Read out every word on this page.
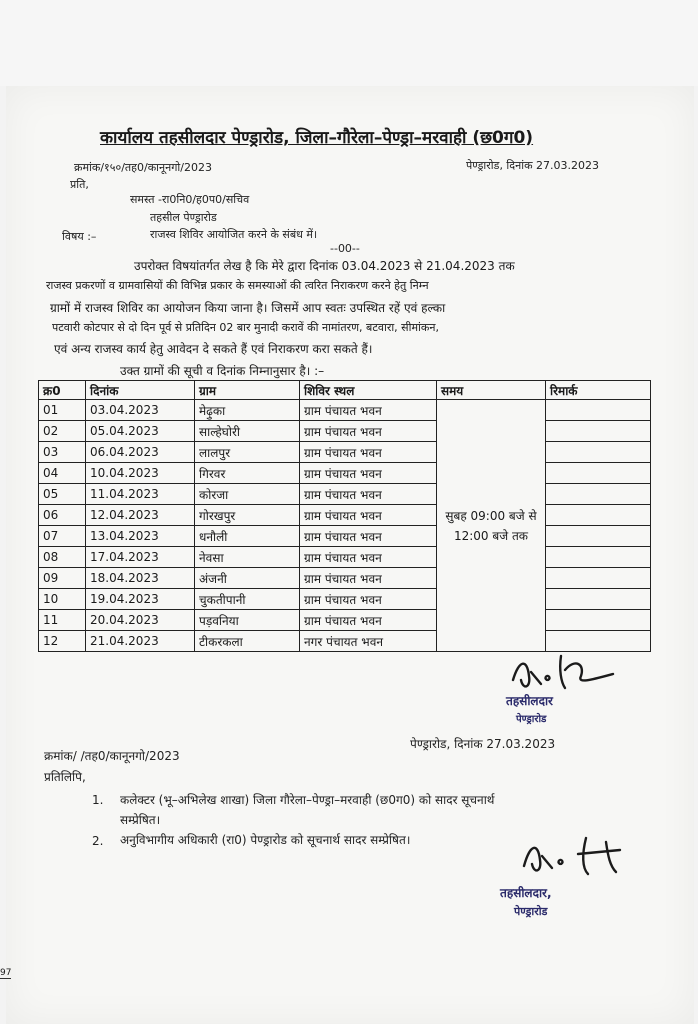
कार्यालय तहसीलदार पेण्ड्रारोड, जिला–गौरेला–पेण्ड्रा–मरवाही (छ0ग0)
क्रमांक/१५०/तह0/कानूनगो/2023	पेण्ड्रारोड, दिनांक 27.03.2023
प्रति,
समस्त -रा0नि0/ह0प0/सचिव
तहसील पेण्ड्रारोड
विषय :–	राजस्व शिविर आयोजित करने के संबंध में।
--00--
उपरोक्त विषयांतर्गत लेख है कि मेरे द्वारा दिनांक 03.04.2023 से 21.04.2023 तक
राजस्व प्रकरणों व ग्रामवासियों की विभिन्न प्रकार के समस्याओं की त्वरित निराकरण करने हेतु निम्न
ग्रामों में राजस्व शिविर का आयोजन किया जाना है। जिसमें आप स्वतः उपस्थित रहें एवं हल्का
पटवारी कोटपार से दो दिन पूर्व से प्रतिदिन 02 बार मुनादी करावें की नामांतरण, बटवारा, सीमांकन,
एवं अन्य राजस्व कार्य हेतु आवेदन दे सकते हैं एवं निराकरण करा सकते हैं।
उक्त ग्रामों की सूची व दिनांक निम्नानुसार है। :–
क्र0	दिनांक	ग्राम	शिविर स्थल	समय	रिमार्क
01	03.04.2023	मेढ़ुका	ग्राम पंचायत भवन	सुबह 09:00 बजे से 12:00 बजे तक	
02	05.04.2023	साल्हेघोरी	ग्राम पंचायत भवन		
03	06.04.2023	लालपुर	ग्राम पंचायत भवन		
04	10.04.2023	गिरवर	ग्राम पंचायत भवन		
05	11.04.2023	कोरजा	ग्राम पंचायत भवन		
06	12.04.2023	गोरखपुर	ग्राम पंचायत भवन		
07	13.04.2023	धनौली	ग्राम पंचायत भवन		
08	17.04.2023	नेवसा	ग्राम पंचायत भवन		
09	18.04.2023	अंजनी	ग्राम पंचायत भवन		
10	19.04.2023	चुकतीपानी	ग्राम पंचायत भवन		
11	20.04.2023	पड़वनिया	ग्राम पंचायत भवन		
12	21.04.2023	टीकरकला	नगर पंचायत भवन		
तहसीलदार
पेण्ड्रारोड
क्रमांक/ /तह0/कानूनगो/2023
पेण्ड्रारोड, दिनांक 27.03.2023
प्रतिलिपि,
1. कलेक्टर (भू–अभिलेख शाखा) जिला गौरेला–पेण्ड्रा–मरवाही (छ0ग0) को सादर सूचनार्थ
सम्प्रेषित।
2. अनुविभागीय अधिकारी (रा0) पेण्ड्रारोड को सूचनार्थ सादर सम्प्रेषित।
तहसीलदार,
पेण्ड्रारोड
97
